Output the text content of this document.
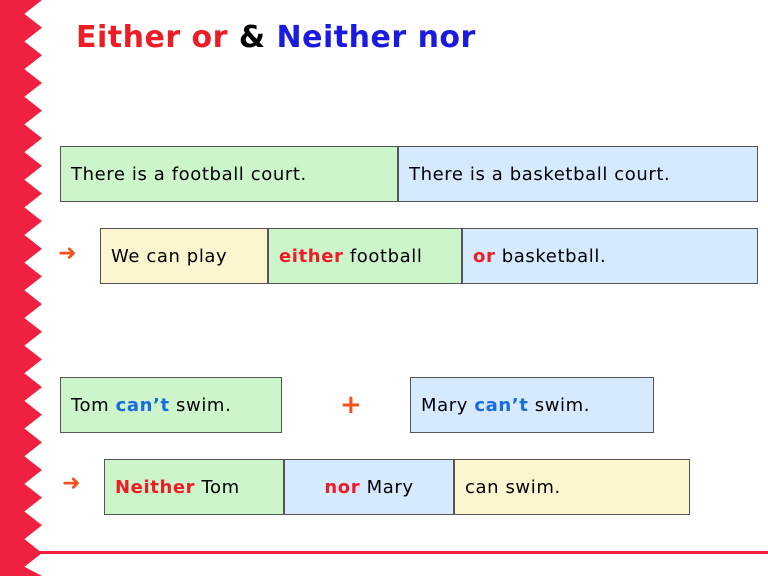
Either or & Neither nor
There is a football court.	There is a basketball court.
➜	We can play	either football	or basketball.
Tom can’t swim.	+	Mary can’t swim.
➜	Neither Tom	nor Mary	can swim.
